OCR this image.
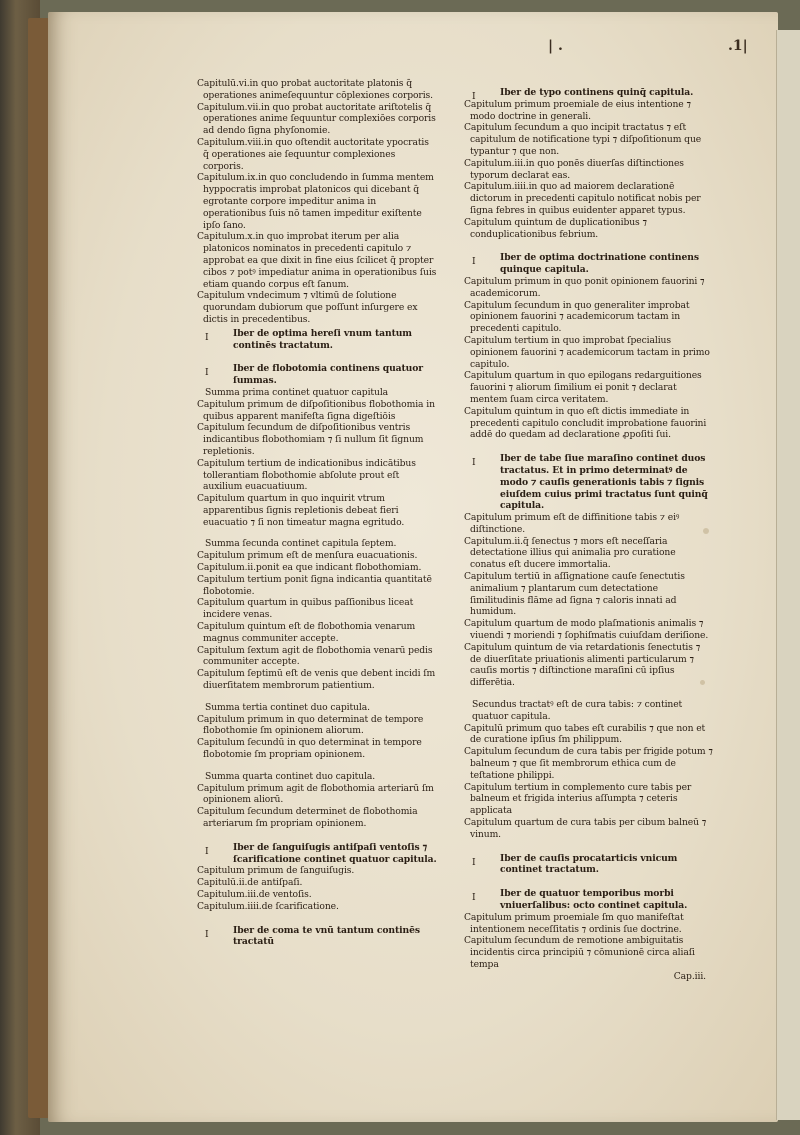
| .	.1|

Capitulū.vi.in quo probat auctoritate platonis q̄ operationes animeſequuntur cōplexiones corporis.

Capitulum.vii.in quo probat auctoritate ariſtotelis q̄ operationes anime ſequuntur complexiōes corporis ad dendo ſigna phyſonomie.

Capitulum.viii.in quo oſtendit auctoritate ypocratis q̄ operationes aie ſequuntur complexiones corporis.

Capitulum.ix.in quo concludendo in ſumma mentem hyppocratis improbat platonicos qui dicebant q̄ egrotante corpore impeditur anima in operationibus ſuis nō tamen impeditur exiſtente ipſo ſano.

Capitulum.x.in quo improbat iterum per alia platonicos nominatos in precedenti capitulo ⁊ approbat ea que dixit in fine eius ſcilicet q̄ propter cibos ⁊ potꝰ impediatur anima in operationibus ſuis etiam quando corpus eſt ſanum.

Capitulum vndecimum ⁊ vltimū de ſolutione quorundam dubiorum que poſſunt inſurgere ex dictis in precedentibus.

I	Iber de optima hereſi vnum tantum continēs tractatum.

I	Iber de flobotomia continens quatuor ſummas.

Summa prima continet quatuor capitula

Capitulum primum de diſpoſitionibus flobothomia in quibus apparent manifeſta ſigna digeſtiōis

Capitulum ſecundum de diſpoſitionibus ventris indicantibus flobothomiam ⁊ ſi nullum ſit ſignum repletionis.

Capitulum tertium de indicationibus indicātibus tollerantiam flobothomie abſolute prout eſt auxilium euacuatiuum.

Capitulum quartum in quo inquirit vtrum apparentibus ſignis repletionis debeat fieri euacuatio ⁊ ſi non timeatur magna egritudo.

Summa ſecunda continet capitula ſeptem.

Capitulum primum eſt de menſura euacuationis.

Capitulum.ii.ponit ea que indicant flobothomiam.

Capitulum tertium ponit ſigna indicantia quantitatē flobotomie.

Capitulum quartum in quibus paſſionibus liceat incidere venas.

Capitulum quintum eſt de flobothomia venarum magnus communiter accepte.

Capitulum ſextum agit de flobothomia venarū pedis communiter accepte.

Capitulum ſeptimū eſt de venis que debent incidi ſm diuerſitatem membrorum patientium.

Summa tertia continet duo capitula.

Capitulum primum in quo determinat de tempore flobothomie ſm opinionem aliorum.

Capitulum ſecundū in quo determinat in tempore flobotomie ſm propriam opinionem.

Summa quarta continet duo capitula.

Capitulum primum agit de flobothomia arteriarū ſm opinionem aliorū.

Capitulum ſecundum determinet de flobothomia arteriarum ſm propriam opinionem.

I	Iber de ſanguiſugis antiſpaſi ventoſis ⁊ ſcarificatione continet quatuor capitula.

Capitulum primum de ſanguiſugis.

Capitulū.ii.de antiſpaſi.

Capitulum.iii.de ventoſis.

Capitulum.iiii.de ſcarificatione.

I	Iber de coma te vnū tantum continēs tractatū

I	Iber de typo continens quinq̄ capitula.

Capitulum primum proemiale de eius intentione ⁊ modo doctrine in generali.

Capitulum ſecundum a quo incipit tractatus ⁊ eſt capitulum de notificatione typi ⁊ diſpoſitionum que typantur ⁊ que non.

Capitulum.iii.in quo ponēs diuerſas diſtinctiones typorum declarat eas.

Capitulum.iiii.in quo ad maiorem declarationē dictorum in precedenti capitulo notificat nobis per ſigna febres in quibus euidenter apparet typus.

Capitulum quintum de duplicationibus ⁊ conduplicationibus febrium.

I	Iber de optima doctrinatione continens quinque capitula.

Capitulum primum in quo ponit opinionem fauorini ⁊ academicorum.

Capitulum ſecundum in quo generaliter improbat opinionem fauorini ⁊ academicorum tactam in precedenti capitulo.

Capitulum tertium in quo improbat ſpecialius opinionem fauorini ⁊ academicorum tactam in primo capitulo.

Capitulum quartum in quo epilogans redarguitiones fauorini ⁊ aliorum ſimilium ei ponit ⁊ declarat mentem ſuam circa veritatem.

Capitulum quintum in quo eſt dictis immediate in precedenti capitulo concludit improbatione fauorini addē do quedam ad declaratione ꝓpoſiti ſui.

I	Iber de tabe ſiue maraſino continet duos tractatus. Et in primo determinatꝰ de modo ⁊ cauſis generationis tabis ⁊ ſignis eiuſdem cuius primi tractatus ſunt quinq̄ capitula.

Capitulum primum eſt de diffinitione tabis ⁊ eiꝰ diſtinctione.

Capitulum.ii.q̄ ſenectus ⁊ mors eſt neceſſaria detectatione illius qui animalia pro curatione conatus eſt ducere immortalia.

Capitulum tertiū in aſſignatione cauſe ſenectutis animalium ⁊ plantarum cum detectatione ſimilitudinis flāme ad ſigna ⁊ caloris innati ad humidum.

Capitulum quartum de modo plaſmationis animalis ⁊ viuendi ⁊ moriendi ⁊ ſophiſmatis cuiuſdam deriſione.

Capitulum quintum de via retardationis ſenectutis ⁊ de diuerſitate priuationis alimenti particularum ⁊ cauſis mortis ⁊ diſtinctione maraſini cū ipſius differētia.

Secundus tractatꝰ eſt de cura tabis: ⁊ continet quatuor capitula.

Capitulū primum quo tabes eſt curabilis ⁊ que non et de curatione ipſius ſm philippum.

Capitulum ſecundum de cura tabis per frigide potum ⁊ balneum ⁊ que ſit membrorum ethica cum de teſtatione philippi.

Capitulum tertium in complemento cure tabis per balneum et frigida interius aſſumpta ⁊ ceteris applicata

Capitulum quartum de cura tabis per cibum balneū ⁊ vinum.

I	Iber de cauſis procatarticis vnicum continet tractatum.

I	Iber de quatuor temporibus morbi vniuerſalibus: octo continet capitula.

Capitulum primum proemiale ſm quo manifeſtat intentionem neceſſitatis ⁊ ordinis ſue doctrine.

Capitulum ſecundum de remotione ambiguitatis incidentis circa principiū ⁊ cōmunionē circa aliaſi tempa

Cap.iii.
